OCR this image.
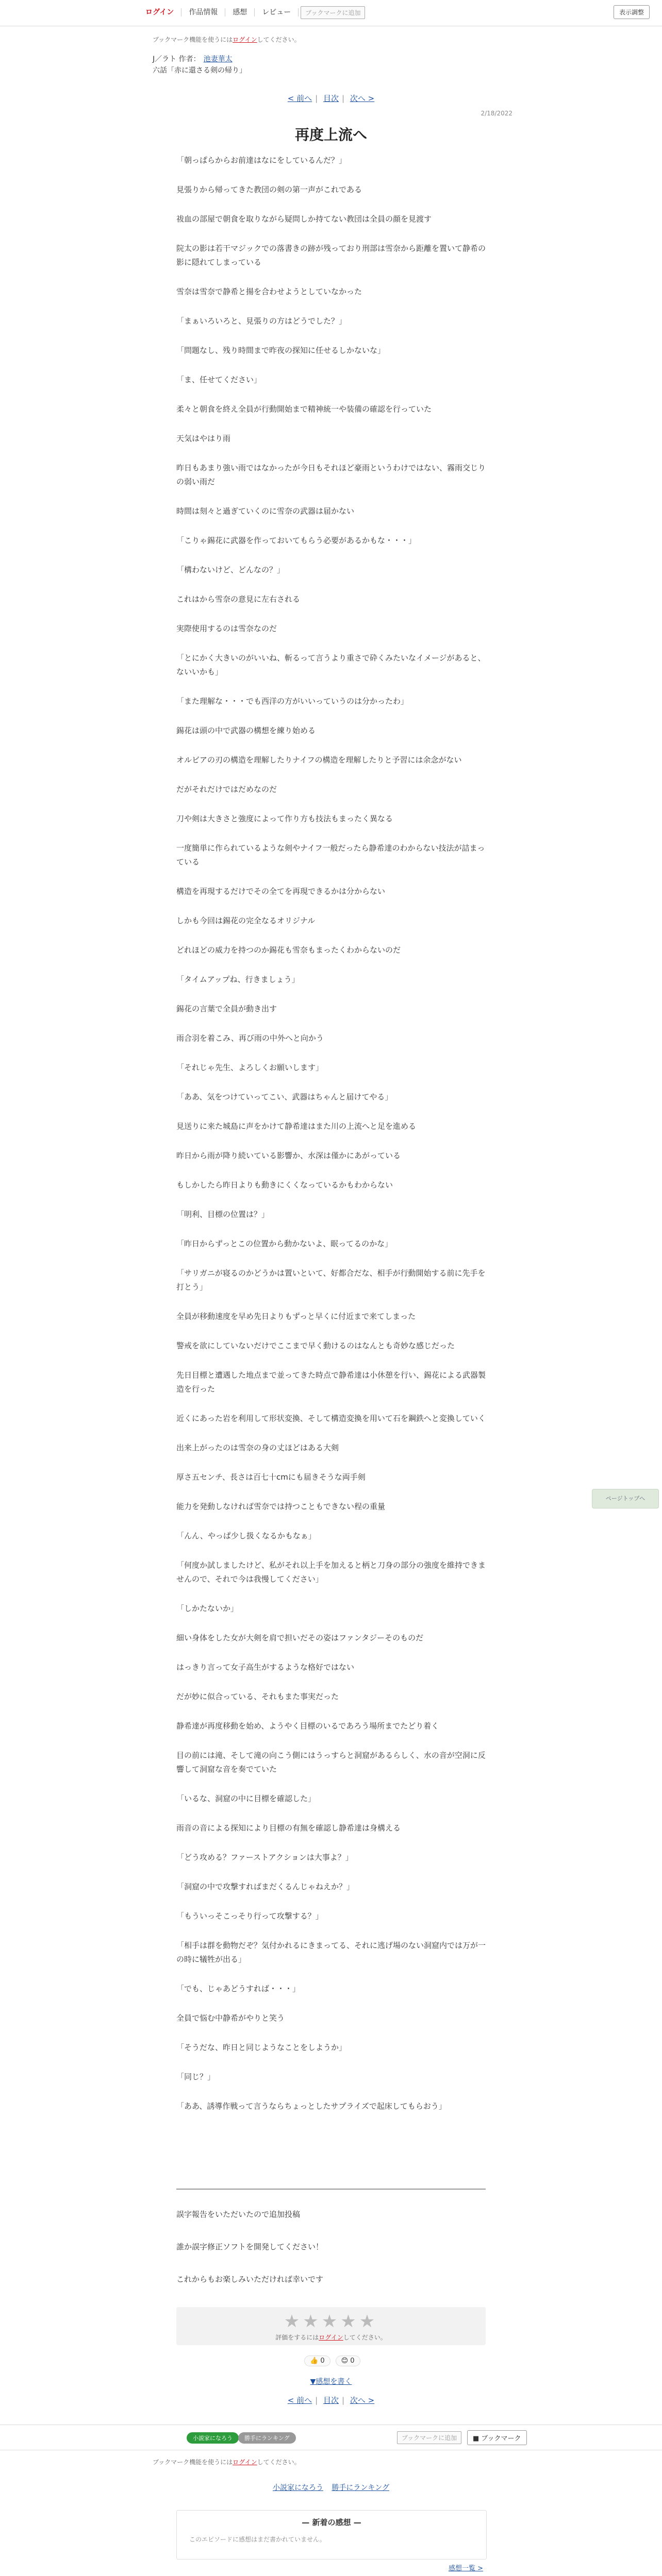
ログイン	作品情報	感想	レビュー	ブックマークに追加	表示調整
ブックマーク機能を使うにはログインしてください。
J／ラト 作者： 池妻華太
六話「赤に還さる剣の帰り」
< 前へ | 目次 | 次へ >
2/18/2022
再度上流へ

「朝っぱらからお前達はなにをしているんだ？」

見張りから帰ってきた教団の剣の第一声がこれである

祓血の部屋で朝食を取りながら疑問しか持てない教団は全員の顔を見渡す

院太の影は若干マジックでの落書きの跡が残っており刑部は雪奈から距離を置いて静希の影に隠れてしまっている

雪奈は雪奈で静希と揚を合わせようとしていなかった

「まぁいろいろと、見張りの方はどうでした？」

「問題なし、残り時間まで昨夜の探知に任せるしかないな」

「ま、任せてください」

柔々と朝食を終え全員が行動開始まで精神統一や装備の確認を行っていた

天気はやはり雨

昨日もあまり強い雨ではなかったが今日もそれほど豪雨というわけではない、霧雨交じりの弱い雨だ

時間は刻々と過ぎていくのに雪奈の武器は届かない

「こりゃ錫花に武器を作っておいてもらう必要があるかもな・・・」

「構わないけど、どんなの？」

これはから雪奈の意見に左右される

実際使用するのは雪奈なのだ

「とにかく大きいのがいいね、斬るって言うより重さで砕くみたいなイメージがあると、ないいかも」

「また理解な・・・でも西洋の方がいいっていうのは分かったわ」

錫花は頭の中で武器の構想を練り始める

オルビアの刃の構造を理解したりナイフの構造を理解したりと予習には余念がない

だがそれだけではだめなのだ

刀や剣は大きさと強度によって作り方も技法もまったく異なる

一度簡単に作られているような剣やナイフ一般だったら静希達のわからない技法が詰まっている

構造を再現するだけでその全てを再現できるかは分からない

しかも今回は錫花の完全なるオリジナル

どれほどの威力を持つのか錫花も雪奈もまったくわからないのだ

「タイムアップね、行きましょう」

錫花の言葉で全員が動き出す

雨合羽を着こみ、再び雨の中外へと向かう

「それじゃ先生、よろしくお願いします」

「ああ、気をつけていってこい、武器はちゃんと届けてやる」

見送りに来た城島に声をかけて静希達はまた川の上流へと足を進める

昨日から雨が降り続いている影響か、水深は僅かにあがっている

もしかしたら昨日よりも動きにくくなっているかもわからない

「明利、目標の位置は？」

「昨日からずっとこの位置から動かないよ、眠ってるのかな」

「サリガニが寝るのかどうかは置いといて、好都合だな、相手が行動開始する前に先手を打とう」

全員が移動速度を早め先日よりもずっと早くに付近まで来てしまった

警戒を欲にしていないだけでここまで早く動けるのはなんとも奇妙な感じだった

先日目標と遭遇した地点まで並ってきた時点で静希達は小休憩を行い、錫花による武器製造を行った

近くにあった岩を利用して形状変換、そして構造変換を用いて石を鋼鉄へと変換していく

出来上がったのは雪奈の身の丈ほどはある大剣

厚さ五センチ、長さは百七十cmにも届きそうな両手剣

能力を発動しなければ雪奈では持つこともできない程の重量

「んん、やっぱ少し扱くなるかもなぁ」

「何度か試しましたけど、私がそれ以上手を加えると柄と刀身の部分の強度を維持できませんので、それで今は我慢してください」

「しかたないか」

細い身体をした女が大剣を肩で担いだその姿はファンタジーそのものだ

はっきり言って女子高生がするような格好ではない

だが妙に似合っている、それもまた事実だった

静希達が再度移動を始め、ようやく目標のいるであろう場所までたどり着く

目の前には滝、そして滝の向こう側にはうっすらと洞窟があるらしく、水の音が空洞に反響して洞窟な音を奏でていた

「いるな、洞窟の中に目標を確認した」

雨音の音による探知により目標の有無を確認し静希達は身構える

「どう攻める？ファーストアクションは大事よ？」

「洞窟の中で攻撃すればまだくるんじゃねえか？」

「もういっそこっそり行って攻撃する？」

「相手は群を動物だぞ？気付かれるにきまってる、それに逃げ場のない洞窟内では万が一の時に犠牲が出る」

「でも、じゃあどうすれば・・・」

全員で悩む中静希がやりと笑う

「そうだな、昨日と同じようなことをしようか」

「同じ？」

「ああ、誘導作戦って言うならちょっとしたサプライズで起床してもらおう」

誤字報告をいただいたので追加投稿

誰か誤字修正ソフトを開発してください！

これからもお楽しみいただければ幸いです

★★★★★
評価をするにはログインしてください。
👍 0	😊 0
▼感想を書く
< 前へ | 目次 | 次へ >
ページトップへ
小説家になろう	勝手にランキング	ブックマークに追加	■ ブックマーク
ブックマーク機能を使うにはログインしてください。
小説家になろう 勝手にランキング
— 新着の感想 —
このエピソードに感想はまだ書かれていません。
感想一覧 >
